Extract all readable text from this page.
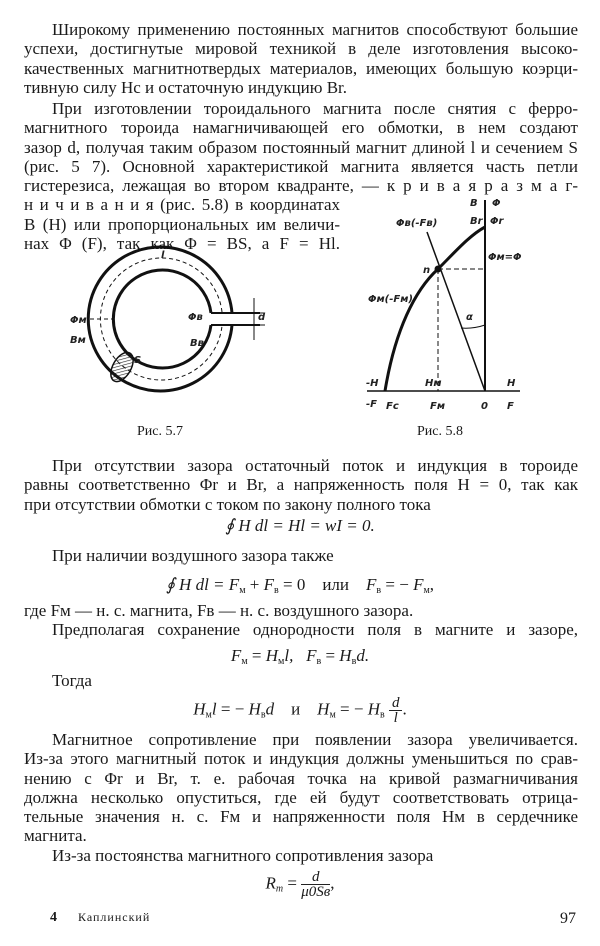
Широкому применению постоянных магнитов способствуют большие
успехи, достигнутые мировой техникой в деле изготовления высоко-
качественных магнитнотвердых материалов, имеющих большую коэрци-
тивную силу Hc и остаточную индукцию Br.
При изготовлении тороидального магнита после снятия с ферро-
магнитного тороида намагничивающей его обмотки, в нем создают
зазор d, получая таким образом постоянный магнит длиной l и сечением S
(рис. 5 7). Основной характеристикой магнита является часть петли
гистерезиса, лежащая во втором квадранте, — к р и в а я р а з м а г-
н и ч и в а н и я (рис. 5.8) в координатах
B (H) или пропорциональных им величи-
нах Φ (F), так как Φ = BS, а F = Hl.
l
Φм
Bм
Φв
Bв
S
d
Рис. 5.7
B Φ
Br Φr
Φм=Φ
Φв(-Fв)
n
Φм(-Fм)
α
-H
-F Fc
Hм
Fм	0
H
F
Рис. 5.8
При отсутствии зазора остаточный поток и индукция в тороиде
равны соответственно Φr и Br, а напряженность поля H = 0, так как
при отсутствии обмотки с током по закону полного тока
∮ H dl = Hl = wI = 0.
При наличии воздушного зазора также
∮ H dl = $F_м + F_в = 0$ или $F_в$ = − $F_м$,
где Fм — н. с. магнита, Fв — н. с. воздушного зазора.
Предполагая сохранение однородности поля в магните и зазоре,
$F_м = H_мl$, $F_в = H_вd$.
Тогда
$H_мl$ = − $H_вd$ и $H_м$ = − $H_в \frac{d}{l}$ .
Магнитное сопротивление при появлении зазора увеличивается.
Из-за этого магнитный поток и индукция должны уменьшиться по срав-
нению с Φr и Br, т. е. рабочая точка на кривой размагничивания
должна несколько опуститься, где ей будут соответствовать отрица-
тельные значения н. с. Fм и напряженности поля Hм в сердечнике
магнита.
Из-за постоянства магнитного сопротивления зазора
$R_m = \frac{d}{\mu 0Sв}$ ,
4 Каплинский	97
